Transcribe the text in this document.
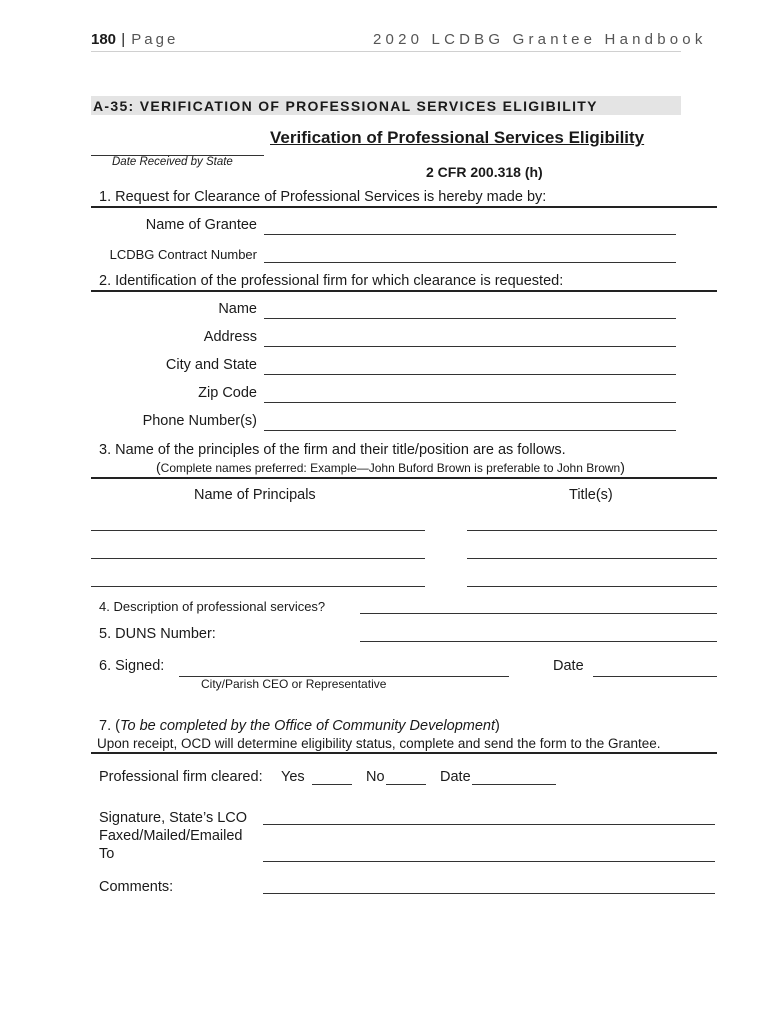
180 | Page	2020 LCDBG Grantee Handbook
A-35: VERIFICATION OF PROFESSIONAL SERVICES ELIGIBILITY
Verification of Professional Services Eligibility
Date Received by State
2 CFR 200.318 (h)
1. Request for Clearance of Professional Services is hereby made by:
Name of Grantee
LCDBG Contract Number
2. Identification of the professional firm for which clearance is requested:
Name
Address
City and State
Zip Code
Phone Number(s)
3. Name of the principles of the firm and their title/position are as follows.
(Complete names preferred: Example—John Buford Brown is preferable to John Brown)
Name of Principals	Title(s)
4. Description of professional services?
5. DUNS Number:
6. Signed:	Date
City/Parish CEO or Representative
7. (To be completed by the Office of Community Development)
Upon receipt, OCD will determine eligibility status, complete and send the form to the Grantee.
Professional firm cleared: Yes	No	Date
Signature, State’s LCO
Faxed/Mailed/Emailed
To
Comments:
